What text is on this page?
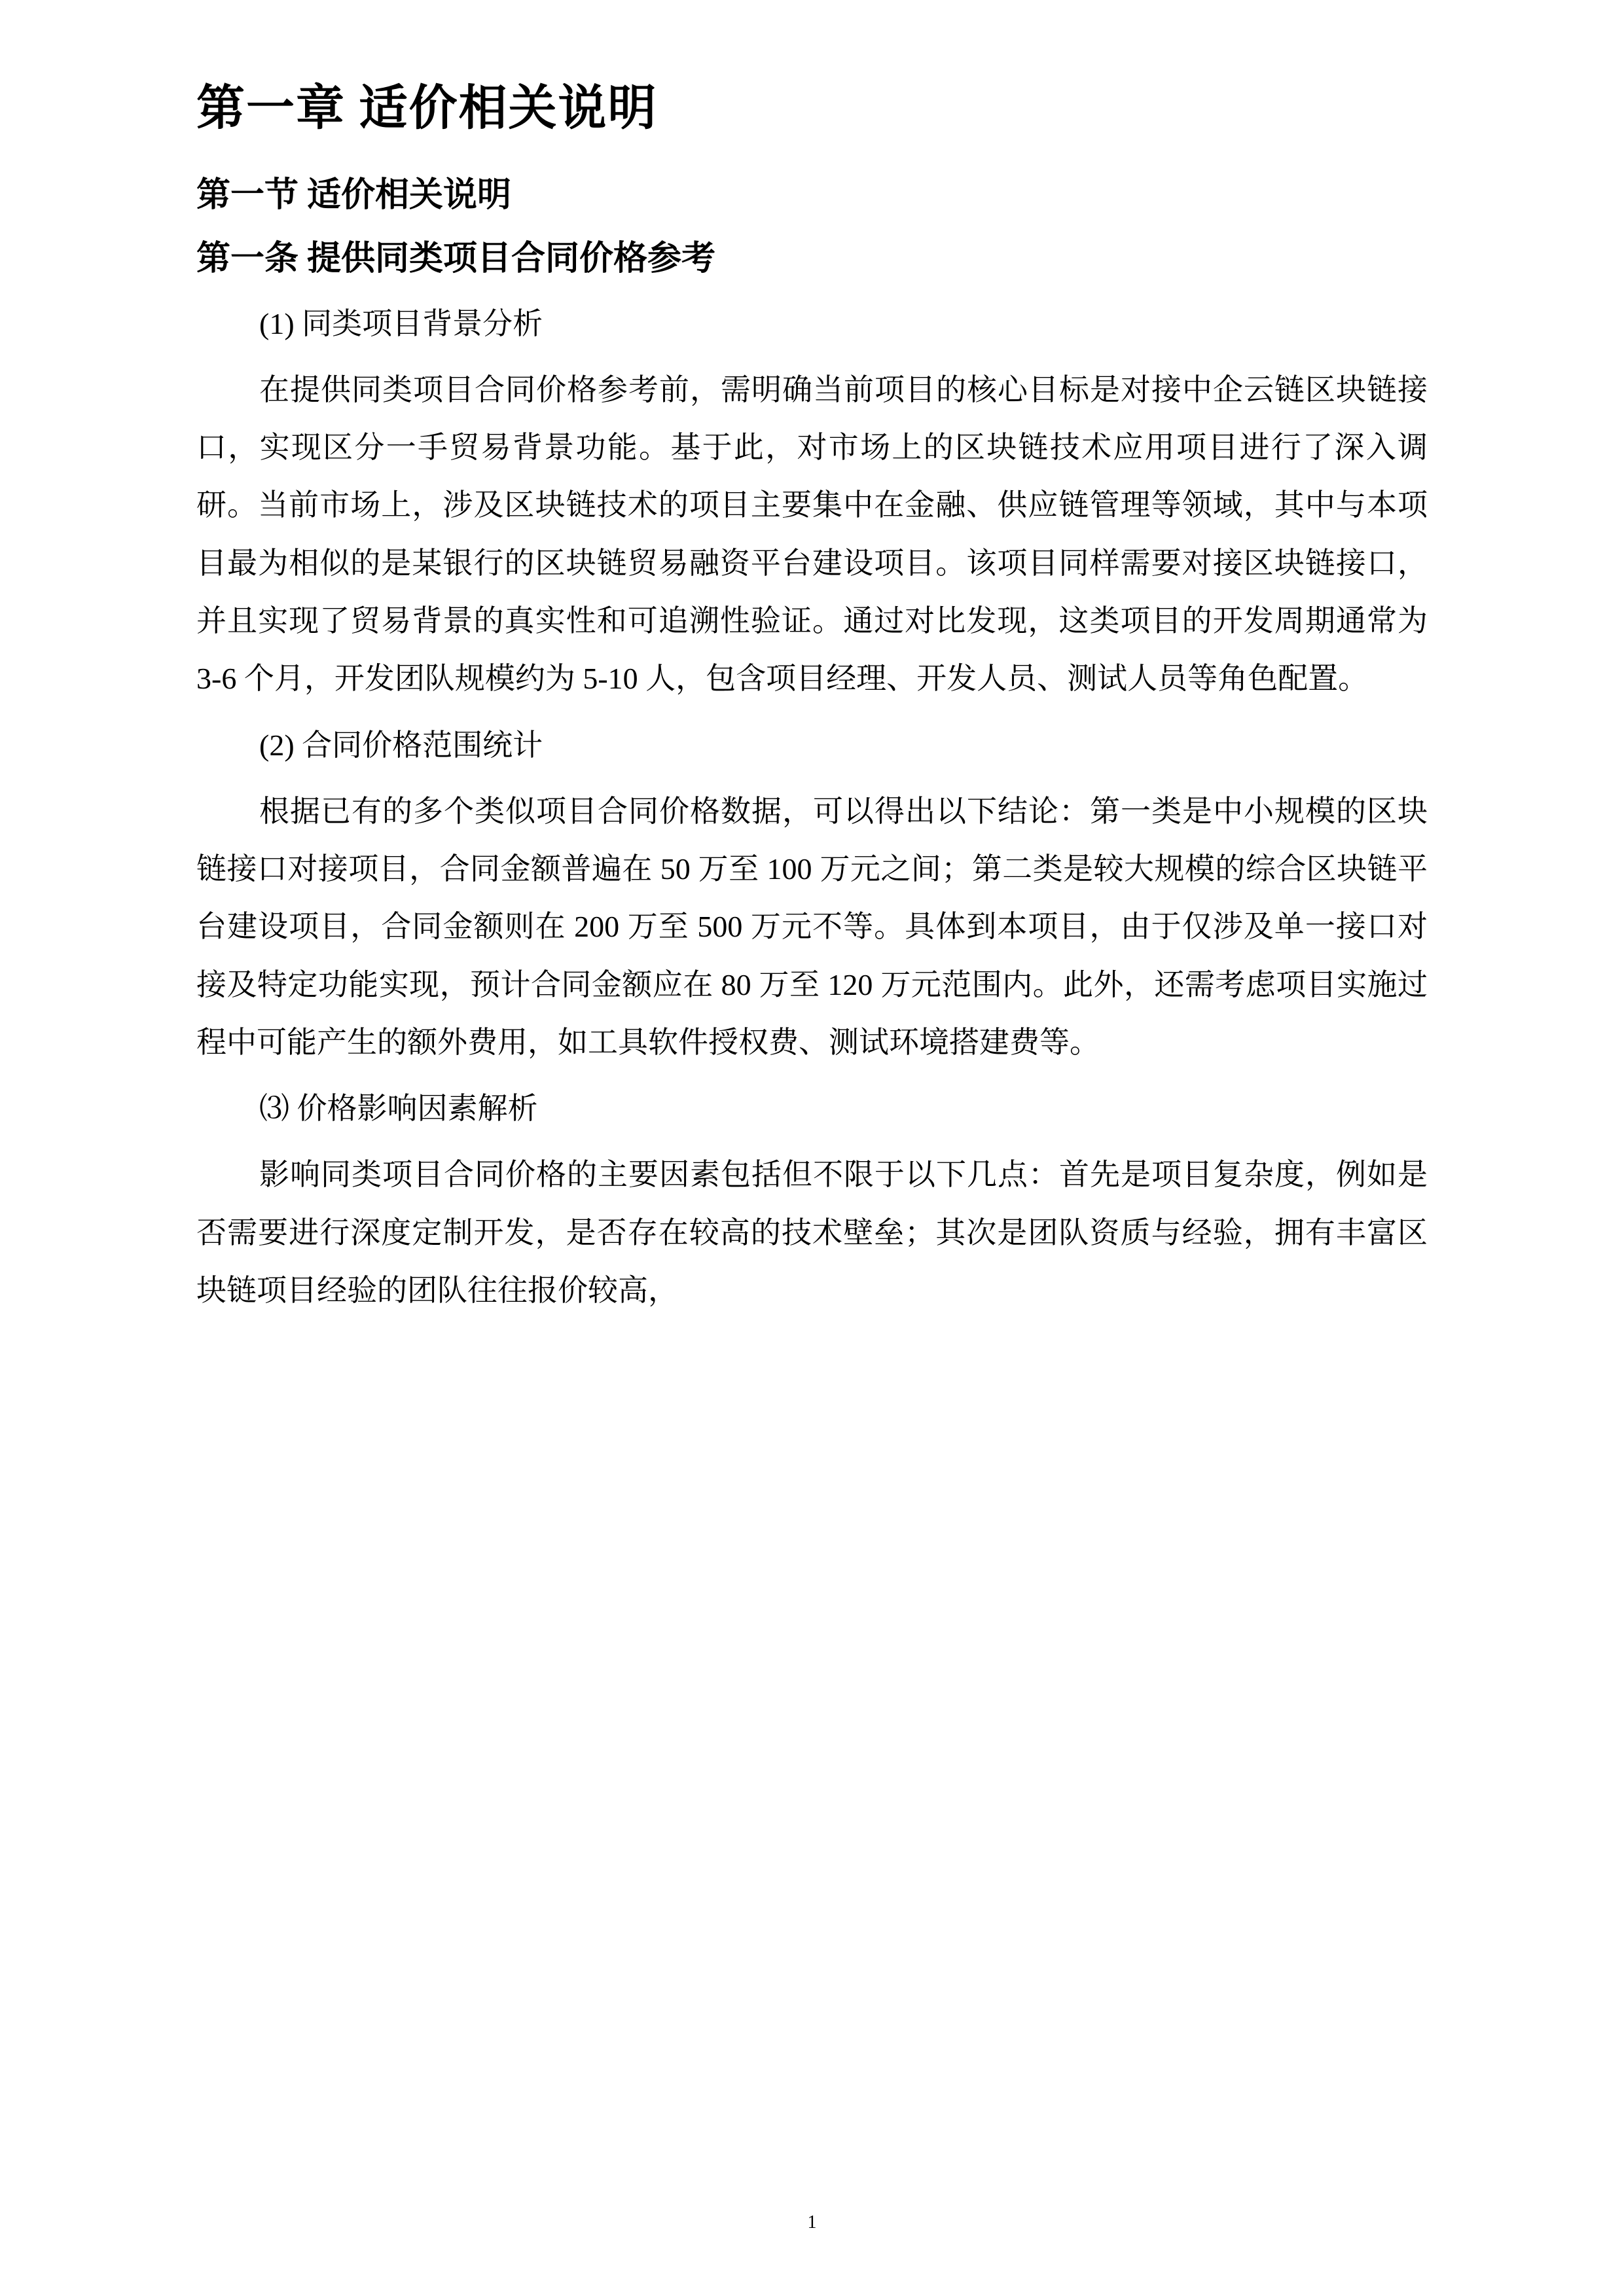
第一章 适价相关说明
第一节 适价相关说明
第一条 提供同类项目合同价格参考

(1) 同类项目背景分析

在提供同类项目合同价格参考前，需明确当前项目的核心目标是对接中企云链区块链接口，实现区分一手贸易背景功能。基于此，对市场上的区块链技术应用项目进行了深入调研。当前市场上，涉及区块链技术的项目主要集中在金融、供应链管理等领域，其中与本项目最为相似的是某银行的区块链贸易融资平台建设项目。该项目同样需要对接区块链接口，并且实现了贸易背景的真实性和可追溯性验证。通过对比发现，这类项目的开发周期通常为 3-6 个月，开发团队规模约为 5-10 人，包含项目经理、开发人员、测试人员等角色配置。

(2) 合同价格范围统计

根据已有的多个类似项目合同价格数据，可以得出以下结论：第一类是中小规模的区块链接口对接项目，合同金额普遍在 50 万至 100 万元之间；第二类是较大规模的综合区块链平台建设项目，合同金额则在 200 万至 500 万元不等。具体到本项目，由于仅涉及单一接口对接及特定功能实现，预计合同金额应在 80 万至 120 万元范围内。此外，还需考虑项目实施过程中可能产生的额外费用，如工具软件授权费、测试环境搭建费等。

⑶ 价格影响因素解析

影响同类项目合同价格的主要因素包括但不限于以下几点：首先是项目复杂度，例如是否需要进行深度定制开发，是否存在较高的技术壁垒；其次是团队资质与经验，拥有丰富区块链项目经验的团队往往报价较高，

1
